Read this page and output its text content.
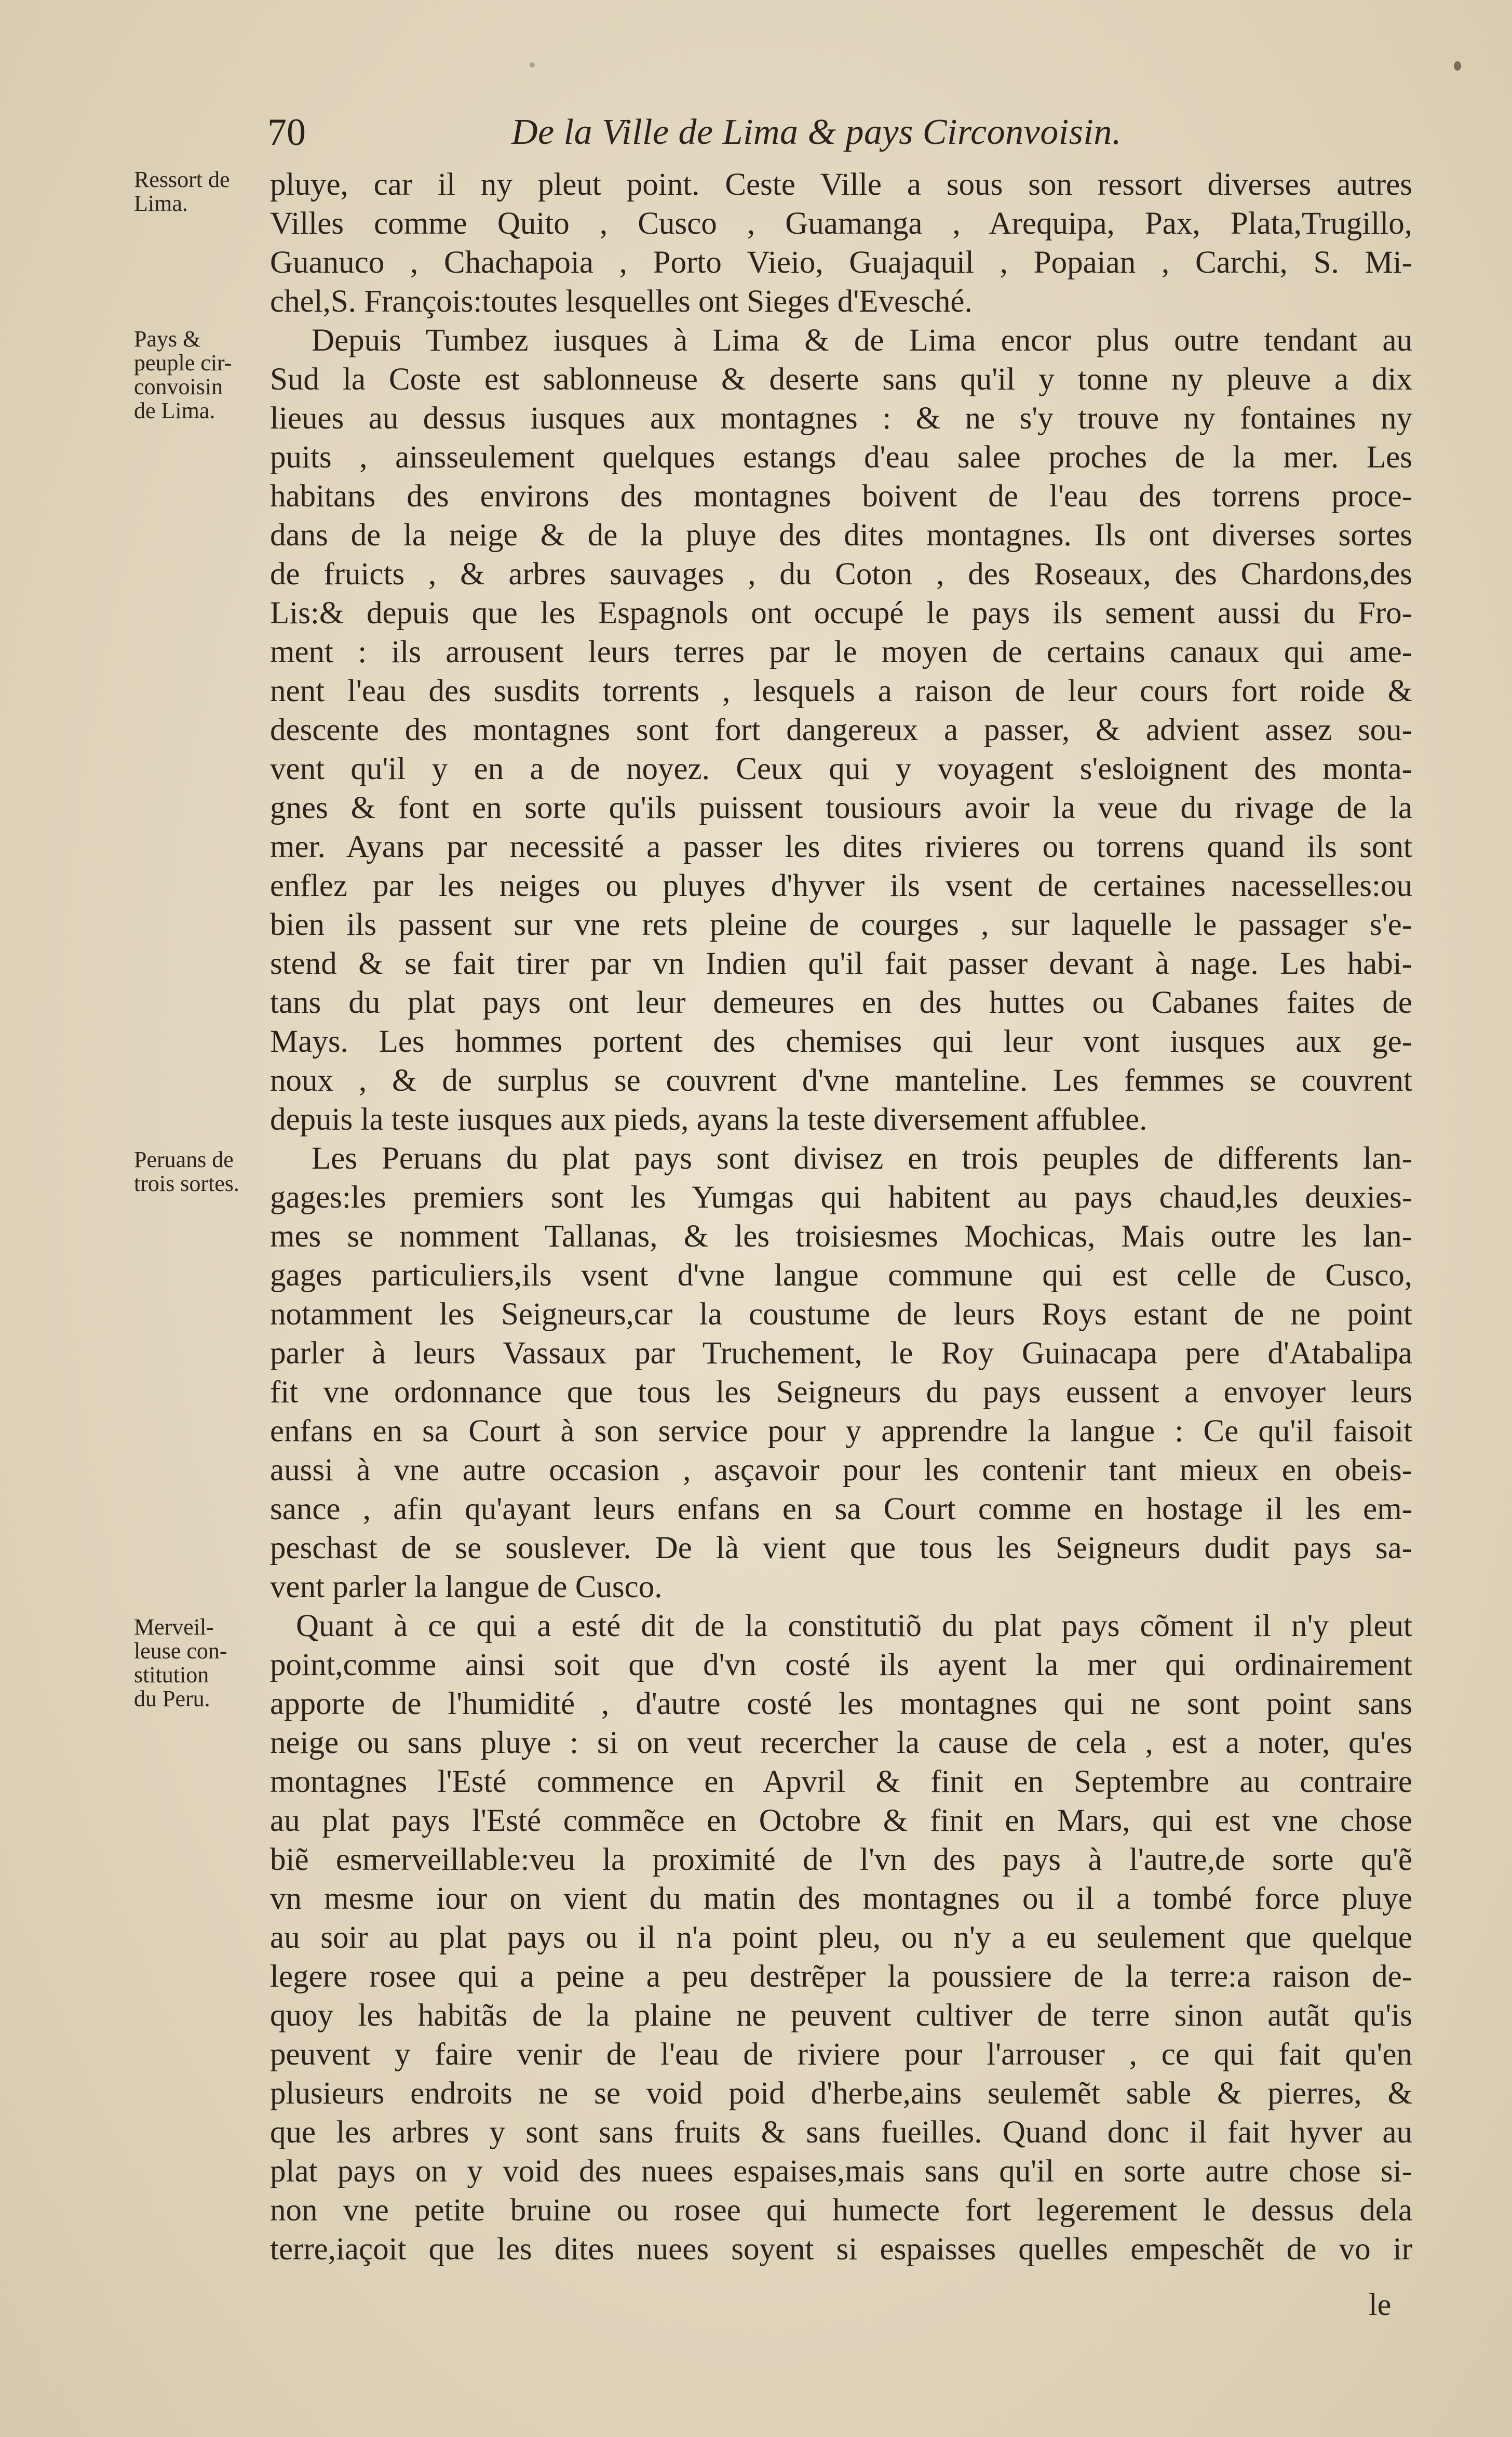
70	De la Ville de Lima & pays Circonvoisin.
Ressort de
Lima.
Pays &
peuple cir-
convoisin
de Lima.
Peruans de
trois sortes.
Merveil-
leuse con-
stitution
du Peru.
pluye, car il ny pleut point. Ceste Ville a sous son ressort diverses autres
Villes comme Quito , Cusco , Guamanga , Arequipa, Pax, Plata,Trugillo,
Guanuco , Chachapoia , Porto Vieio, Guajaquil , Popaian , Carchi, S. Mi-
chel,S. François:toutes lesquelles ont Sieges d'Evesché.
Depuis Tumbez iusques à Lima & de Lima encor plus outre tendant au
Sud la Coste est sablonneuse & deserte sans qu'il y tonne ny pleuve a dix
lieues au dessus iusques aux montagnes : & ne s'y trouve ny fontaines ny
puits , ainsseulement quelques estangs d'eau salee proches de la mer. Les
habitans des environs des montagnes boivent de l'eau des torrens proce-
dans de la neige & de la pluye des dites montagnes. Ils ont diverses sortes
de fruicts , & arbres sauvages , du Coton , des Roseaux, des Chardons,des
Lis:& depuis que les Espagnols ont occupé le pays ils sement aussi du Fro-
ment : ils arrousent leurs terres par le moyen de certains canaux qui ame-
nent l'eau des susdits torrents , lesquels a raison de leur cours fort roide &
descente des montagnes sont fort dangereux a passer, & advient assez sou-
vent qu'il y en a de noyez. Ceux qui y voyagent s'esloignent des monta-
gnes & font en sorte qu'ils puissent tousiours avoir la veue du rivage de la
mer. Ayans par necessité a passer les dites rivieres ou torrens quand ils sont
enflez par les neiges ou pluyes d'hyver ils vsent de certaines nacesselles:ou
bien ils passent sur vne rets pleine de courges , sur laquelle le passager s'e-
stend & se fait tirer par vn Indien qu'il fait passer devant à nage. Les habi-
tans du plat pays ont leur demeures en des huttes ou Cabanes faites de
Mays. Les hommes portent des chemises qui leur vont iusques aux ge-
noux , & de surplus se couvrent d'vne manteline. Les femmes se couvrent
depuis la teste iusques aux pieds, ayans la teste diversement affublee.
Les Peruans du plat pays sont divisez en trois peuples de differents lan-
gages:les premiers sont les Yumgas qui habitent au pays chaud,les deuxies-
mes se nomment Tallanas, & les troisiesmes Mochicas, Mais outre les lan-
gages particuliers,ils vsent d'vne langue commune qui est celle de Cusco,
notamment les Seigneurs,car la coustume de leurs Roys estant de ne point
parler à leurs Vassaux par Truchement, le Roy Guinacapa pere d'Atabalipa
fit vne ordonnance que tous les Seigneurs du pays eussent a envoyer leurs
enfans en sa Court à son service pour y apprendre la langue : Ce qu'il faisoit
aussi à vne autre occasion , asçavoir pour les contenir tant mieux en obeis-
sance , afin qu'ayant leurs enfans en sa Court comme en hostage il les em-
peschast de se souslever. De là vient que tous les Seigneurs dudit pays sa-
vent parler la langue de Cusco.
Quant à ce qui a esté dit de la constitutiõ du plat pays cõment il n'y pleut
point,comme ainsi soit que d'vn costé ils ayent la mer qui ordinairement
apporte de l'humidité , d'autre costé les montagnes qui ne sont point sans
neige ou sans pluye : si on veut recercher la cause de cela , est a noter, qu'es
montagnes l'Esté commence en Apvril & finit en Septembre au contraire
au plat pays l'Esté commẽce en Octobre & finit en Mars, qui est vne chose
biẽ esmerveillable:veu la proximité de l'vn des pays à l'autre,de sorte qu'ẽ
vn mesme iour on vient du matin des montagnes ou il a tombé force pluye
au soir au plat pays ou il n'a point pleu, ou n'y a eu seulement que quelque
legere rosee qui a peine a peu destrẽper la poussiere de la terre:a raison de-
quoy les habitãs de la plaine ne peuvent cultiver de terre sinon autãt qu'is
peuvent y faire venir de l'eau de riviere pour l'arrouser , ce qui fait qu'en
plusieurs endroits ne se void poid d'herbe,ains seulemẽt sable & pierres, &
que les arbres y sont sans fruits & sans fueilles. Quand donc il fait hyver au
plat pays on y void des nuees espaises,mais sans qu'il en sorte autre chose si-
non vne petite bruine ou rosee qui humecte fort legerement le dessus dela
terre,iaçoit que les dites nuees soyent si espaisses quelles empeschẽt de vo ir
le
